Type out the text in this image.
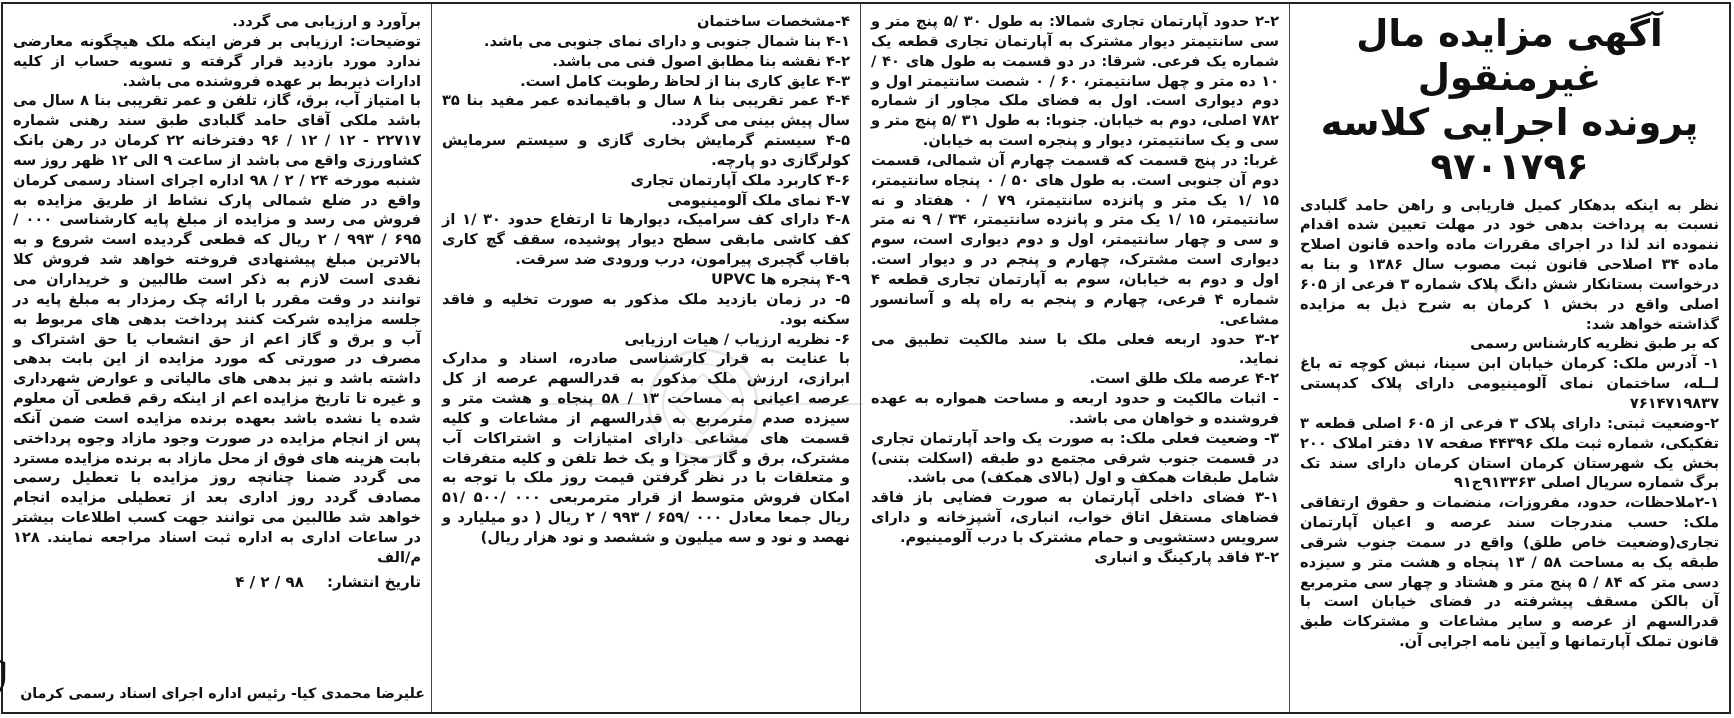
آگهی مزایده مال غیرمنقول
پرونده اجرایی کلاسه ۹۷۰۱۷۹۶

نظر به اینکه بدهکار کمیل فاریابی و راهن حامد گلبادی نسبت به پرداخت بدهی خود در مهلت تعیین شده اقدام ننموده اند لذا در اجرای مقررات ماده واحده قانون اصلاح ماده ۳۴ اصلاحی قانون ثبت مصوب سال ۱۳۸۶ و بنا به درخواست بستانکار شش دانگ پلاک شماره ۳ فرعی از ۶۰۵ اصلی واقع در بخش ۱ کرمان به شرح ذیل به مزایده گذاشته خواهد شد:

که بر طبق نظریه کارشناس رسمی

۱- آدرس ملک: کرمان خیابان ابن سینا، نبش کوچه ته باغ لــله، ساختمان نمای آلومینیومی دارای پلاک کدپستی ۷۶۱۴۷۱۹۸۳۷

۲-وضعیت ثبتی: دارای پلاک ۳ فرعی از ۶۰۵ اصلی قطعه ۳ تفکیکی، شماره ثبت ملک ۴۴۳۹۶ صفحه ۱۷ دفتر املاک ۲۰۰ بخش یک شهرستان کرمان استان کرمان دارای سند تک برگ شماره سریال اصلی ۹۱۳۳۶۳ج۹۱

۲-۱ملاحظات، حدود، مفروزات، منضمات و حقوق ارتفاقی ملک: حسب مندرجات سند عرصه و اعیان آپارتمان تجاری(وضعیت خاص طلق) واقع در سمت جنوب شرقی طبقه یک به مساحت ۵۸ / ۱۳ پنجاه و هشت متر و سیزده دسی متر که ۸۴ / ۵ پنج متر و هشتاد و چهار سی مترمربع آن بالکن مسقف پیشرفته در فضای خیابان است با قدرالسهم از عرصه و سایر مشاعات و مشترکات طبق قانون تملک آپارتمانها و آیین نامه اجرایی آن.

۲-۲ حدود آپارتمان تجاری شمالا: به طول ۳۰ /۵ پنج متر و سی سانتیمتر دیوار مشترک به آپارتمان تجاری قطعه یک شماره یک فرعی. شرقا: در دو قسمت به طول های ۴۰ /۱۰ ده متر و چهل سانتیمتر، ۶۰ / ۰ شصت سانتیمتر اول و دوم دیواری است. اول به فضای ملک مجاور از شماره ۷۸۲ اصلی، دوم به خیابان. جنوبا: به طول ۳۱ /۵ پنج متر و سی و یک سانتیمتر، دیوار و پنجره است به خیابان.

غربا: در پنج قسمت که قسمت چهارم آن شمالی، قسمت دوم آن جنوبی است. به طول های ۵۰ / ۰ پنجاه سانتیمتر، ۱۵ /۱ یک متر و پانزده سانتیمتر، ۷۹ / ۰ هفتاد و نه سانتیمتر، ۱۵ /۱ یک متر و پانزده سانتیمتر، ۳۴ / ۹ نه متر و سی و چهار سانتیمتر، اول و دوم دیواری است، سوم دیواری است مشترک، چهارم و پنجم در و دیوار است. اول و دوم به خیابان، سوم به آپارتمان تجاری قطعه ۴ شماره ۴ فرعی، چهارم و پنجم به راه پله و آسانسور مشاعی.

۳-۲ حدود اربعه فعلی ملک با سند مالکیت تطبیق می نماید.

۴-۲ عرصه ملک طلق است.

- اثبات مالکیت و حدود اربعه و مساحت همواره به عهده فروشنده و خواهان می باشد.

۳- وضعیت فعلی ملک: به صورت یک واحد آپارتمان تجاری در قسمت جنوب شرقی مجتمع دو طبقه (اسکلت بتنی) شامل طبقات همکف و اول (بالای همکف) می باشد.

۳-۱ فضای داخلی آپارتمان به صورت فضایی باز فاقد فضاهای مستقل اتاق خواب، انباری، آشپزخانه و دارای سرویس دستشویی و حمام مشترک با درب آلومینیوم.

۳-۲ فاقد پارکینگ و انباری

۴-مشخصات ساختمان

۴-۱ بنا شمال جنوبی و دارای نمای جنوبی می باشد.

۴-۲ نقشه بنا مطابق اصول فنی می باشد.

۴-۳ عایق کاری بنا از لحاظ رطوبت کامل است.

۴-۴ عمر تقریبی بنا ۸ سال و باقیمانده عمر مفید بنا ۳۵ سال پیش بینی می گردد.

۴-۵ سیستم گرمایش بخاری گازی و سیستم سرمایش کولرگازی دو پارچه.

۴-۶ کاربرد ملک آپارتمان تجاری

۴-۷ نمای ملک آلومینیومی

۴-۸ دارای کف سرامیک، دیوارها تا ارتفاع حدود ۳۰ /۱ از کف کاشی مابقی سطح دیوار پوشیده، سقف گچ کاری باقاب گچبری پیرامون، درب ورودی ضد سرقت.

۴-۹ پنجره ها UPVC

۵- در زمان بازدید ملک مذکور به صورت تخلیه و فاقد سکنه بود.

۶- نظریه ارزیاب / هیات ارزیابی

با عنایت به قرار کارشناسی صادره، اسناد و مدارک ابرازی، ارزش ملک مذکور به قدرالسهم عرصه از کل عرصه اعیانی به مساحت ۱۳ / ۵۸ پنجاه و هشت متر و سیزده صدم مترمربع به قدرالسهم از مشاعات و کلیه قسمت های مشاعی دارای امتیازات و اشتراکات آب مشترک، برق و گاز مجزا و یک خط تلفن و کلیه متفرقات و متعلقات با در نظر گرفتن قیمت روز ملک با توجه به امکان فروش متوسط از قرار مترمربعی ۰۰۰ /۵۰۰ /۵۱ ریال جمعا معادل ۰۰۰ /۶۵۹ / ۹۹۳ / ۲ ریال ( دو میلیارد و نهصد و نود و سه میلیون و ششصد و نود هزار ریال)

برآورد و ارزیابی می گردد.

توضیحات: ارزیابی بر فرض اینکه ملک هیچگونه معارضی ندارد مورد بازدید قرار گرفته و تسویه حساب از کلیه ادارات ذیربط بر عهده فروشنده می باشد.

با امتیاز آب، برق، گاز، تلفن و عمر تقریبی بنا ۸ سال می باشد ملکی آقای حامد گلبادی طبق سند رهنی شماره ۲۲۷۱۷ - ۱۲ / ۱۲ / ۹۶ دفترخانه ۲۲ کرمان در رهن بانک کشاورزی واقع می باشد از ساعت ۹ الی ۱۲ ظهر روز سه شنبه مورخه ۲۴ / ۲ / ۹۸ اداره اجرای اسناد رسمی کرمان واقع در ضلع شمالی پارک نشاط از طریق مزایده به فروش می رسد و مزایده از مبلغ پایه کارشناسی ۰۰۰ / ۶۹۵ / ۹۹۳ / ۲ ریال که قطعی گردیده است شروع و به بالاترین مبلغ پیشنهادی فروخته خواهد شد فروش کلا نقدی است لازم به ذکر است طالبین و خریداران می توانند در وقت مقرر با ارائه چک رمزدار به مبلغ پایه در جلسه مزایده شرکت کنند پرداخت بدهی های مربوط به آب و برق و گاز اعم از حق انشعاب یا حق اشتراک و مصرف در صورتی که مورد مزایده از این بابت بدهی داشته باشد و نیز بدهی های مالیاتی و عوارض شهرداری و غیره تا تاریخ مزایده اعم از اینکه رقم قطعی آن معلوم شده یا نشده باشد بعهده برنده مزایده است ضمن آنکه پس از انجام مزایده در صورت وجود مازاد وجوه پرداختی بابت هزینه های فوق از محل مازاد به برنده مزایده مسترد می گردد ضمنا چنانچه روز مزایده با تعطیل رسمی مصادف گردد روز اداری بعد از تعطیلی مزایده انجام خواهد شد طالبین می توانند جهت کسب اطلاعات بیشتر در ساعات اداری به اداره ثبت اسناد مراجعه نمایند. ۱۲۸ م/الف

تاریخ انتشار: ۹۸ / ۲ / ۴
علیرضا محمدی کیا- رئیس اداره اجرای اسناد رسمی کرمان
